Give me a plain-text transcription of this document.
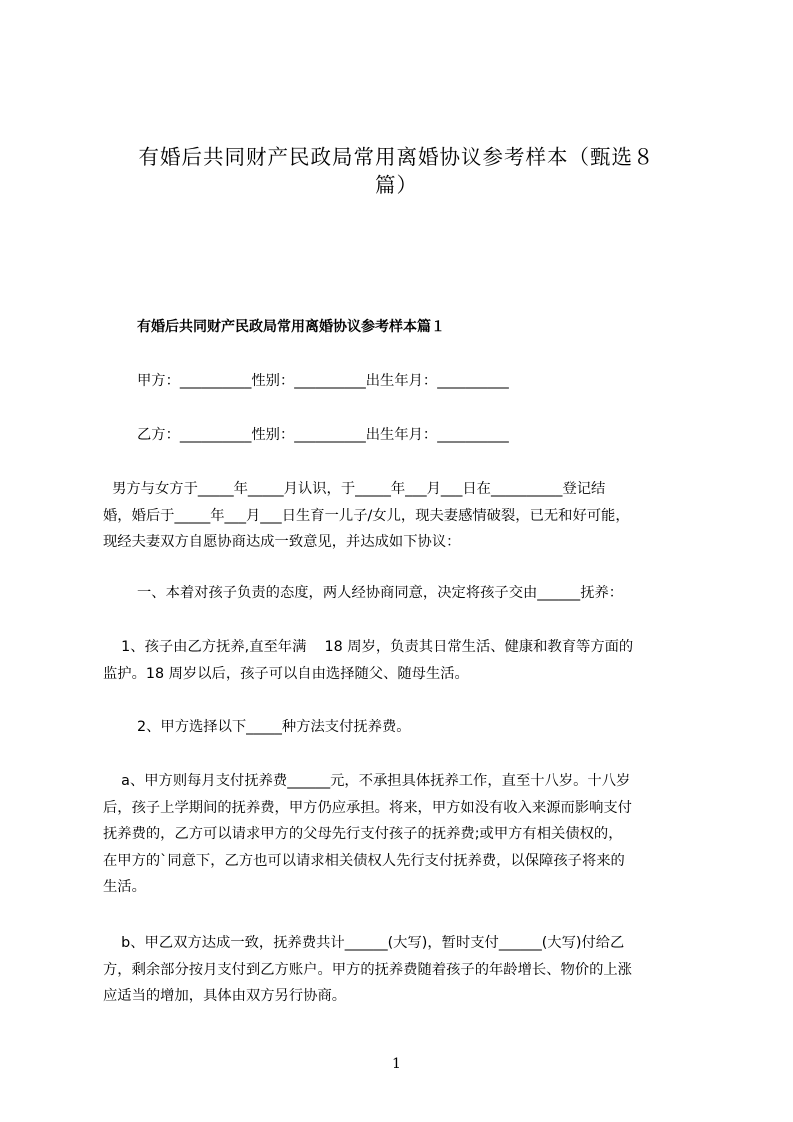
有婚后共同财产民政局常用离婚协议参考样本（甄选８
篇）
有婚后共同财产民政局常用离婚协议参考样本篇１
甲方：__________性别：__________出生年月：__________
乙方：__________性别：__________出生年月：__________
男方与女方于_____年_____月认识，于_____年___月___日在__________登记结
婚，婚后于_____年___月___日生育一儿子/女儿，现夫妻感情破裂，已无和好可能，
现经夫妻双方自愿协商达成一致意见，并达成如下协议：
一、本着对孩子负责的态度，两人经协商同意，决定将孩子交由______抚养：
1、孩子由乙方抚养,直至年满    18 周岁，负责其日常生活、健康和教育等方面的
监护。18 周岁以后，孩子可以自由选择随父、随母生活。
2、甲方选择以下_____种方法支付抚养费。
a、甲方则每月支付抚养费______元，不承担具体抚养工作，直至十八岁。十八岁
后，孩子上学期间的抚养费，甲方仍应承担。将来，甲方如没有收入来源而影响支付
抚养费的，乙方可以请求甲方的父母先行支付孩子的抚养费;或甲方有相关债权的，
在甲方的`同意下，乙方也可以请求相关债权人先行支付抚养费，以保障孩子将来的
生活。
b、甲乙双方达成一致，抚养费共计______(大写)，暂时支付______(大写)付给乙
方，剩余部分按月支付到乙方账户。甲方的抚养费随着孩子的年龄增长、物价的上涨
应适当的增加，具体由双方另行协商。
1
